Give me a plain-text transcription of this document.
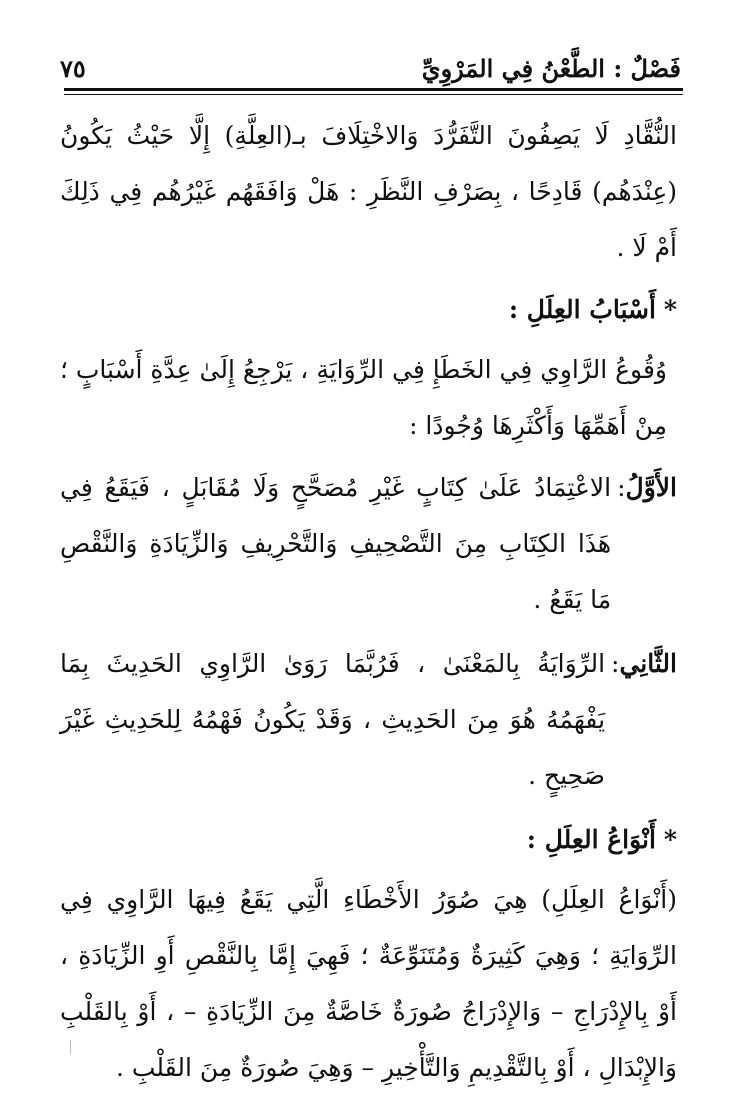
فَصْلٌ : الطَّعْنُ فِي المَرْوِيِّ
٧٥

النُّقَّادِ لَا يَصِفُونَ التَّفَرُّدَ وَالاخْتِلَافَ بـ(العِلَّةِ) إِلَّا حَيْثُ يَكُونُ (عِنْدَهُم) قَادِحًا ، بِصَرْفِ النَّظَرِ : هَلْ وَافَقَهُم غَيْرُهُم فِي ذَلِكَ أَمْ لَا .

*أَسْبَابُ العِلَلِ :

وُقُوعُ الرَّاوِي فِي الخَطَإِ فِي الرِّوَايَةِ ، يَرْجِعُ إِلَىٰ عِدَّةِ أَسْبَابٍ ؛ مِنْ أَهَمِّهَا وَأَكْثَرِهَا وُجُودًا :

الأَوَّلُ
:
الاعْتِمَادُ عَلَىٰ كِتَابٍ غَيْرِ مُصَحَّحٍ وَلَا مُقَابَلٍ ، فَيَقَعُ فِي هَذَا الكِتَابِ مِنَ التَّصْحِيفِ وَالتَّحْرِيفِ وَالزِّيَادَةِ وَالنَّقْصِ مَا يَقَعُ .
الثَّانِي
:
الرِّوَايَةُ بِالمَعْنَىٰ ، فَرُبَّمَا رَوَىٰ الرَّاوِي الحَدِيثَ بِمَا يَفْهَمُهُ هُوَ مِنَ الحَدِيثِ ، وَقَدْ يَكُونُ فَهْمُهُ لِلحَدِيثِ غَيْرَ صَحِيحٍ .
*أَنْوَاعُ العِلَلِ :

(أَنْوَاعُ العِلَلِ) هِيَ صُوَرُ الأَخْطَاءِ الَّتِي يَقَعُ فِيهَا الرَّاوِي فِي الرِّوَايَةِ ؛ وَهِيَ كَثِيرَةٌ وَمُتَنَوِّعَةٌ ؛ فَهِيَ إِمَّا بِالنَّقْصِ أَوِ الزِّيَادَةِ ، أَوْ بِالإِدْرَاجِ – وَالإِدْرَاجُ صُورَةٌ خَاصَّةٌ مِنَ الزِّيَادَةِ – ، أَوْ بِالقَلْبِ وَالإِبْدَالِ ، أَوْ بِالتَّقْدِيمِ وَالتَّأْخِيرِ – وَهِيَ صُورَةٌ مِنَ القَلْبِ .
